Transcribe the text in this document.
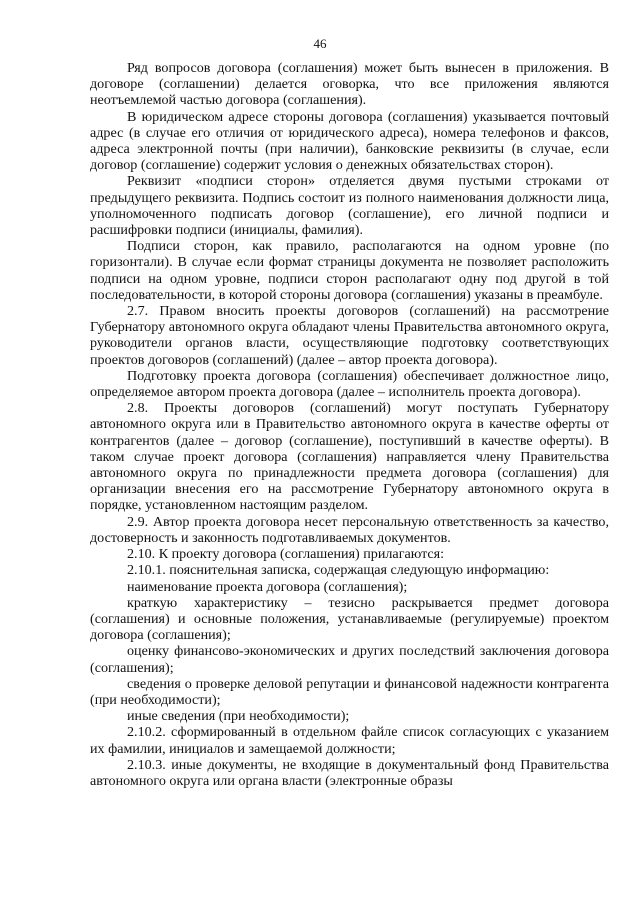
46

Ряд вопросов договора (соглашения) может быть вынесен в приложения. В договоре (соглашении) делается оговорка, что все приложения являются неотъемлемой частью договора (соглашения).

В юридическом адресе стороны договора (соглашения) указывается почтовый адрес (в случае его отличия от юридического адреса), номера телефонов и факсов, адреса электронной почты (при наличии), банковские реквизиты (в случае, если договор (соглашение) содержит условия о денежных обязательствах сторон).

Реквизит «подписи сторон» отделяется двумя пустыми строками от предыдущего реквизита. Подпись состоит из полного наименования должности лица, уполномоченного подписать договор (соглашение), его личной подписи и расшифровки подписи (инициалы, фамилия).

Подписи сторон, как правило, располагаются на одном уровне (по горизонтали). В случае если формат страницы документа не позволяет расположить подписи на одном уровне, подписи сторон располагают одну под другой в той последовательности, в которой стороны договора (соглашения) указаны в преамбуле.

2.7. Правом вносить проекты договоров (соглашений) на рассмотрение Губернатору автономного округа обладают члены Правительства автономного округа, руководители органов власти, осуществляющие подготовку соответствующих проектов договоров (соглашений) (далее – автор проекта договора).

Подготовку проекта договора (соглашения) обеспечивает должностное лицо, определяемое автором проекта договора (далее – исполнитель проекта договора).

2.8. Проекты договоров (соглашений) могут поступать Губернатору автономного округа или в Правительство автономного округа в качестве оферты от контрагентов (далее – договор (соглашение), поступивший в качестве оферты). В таком случае проект договора (соглашения) направляется члену Правительства автономного округа по принадлежности предмета договора (соглашения) для организации внесения его на рассмотрение Губернатору автономного округа в порядке, установленном настоящим разделом.

2.9. Автор проекта договора несет персональную ответственность за качество, достоверность и законность подготавливаемых документов.

2.10. К проекту договора (соглашения) прилагаются:

2.10.1. пояснительная записка, содержащая следующую информацию:

наименование проекта договора (соглашения);

краткую характеристику – тезисно раскрывается предмет договора (соглашения) и основные положения, устанавливаемые (регулируемые) проектом договора (соглашения);

оценку финансово-экономических и других последствий заключения договора (соглашения);

сведения о проверке деловой репутации и финансовой надежности контрагента (при необходимости);

иные сведения (при необходимости);

2.10.2. сформированный в отдельном файле список согласующих с указанием их фамилии, инициалов и замещаемой должности;

2.10.3. иные документы, не входящие в документальный фонд Правительства автономного округа или органа власти (электронные образы
